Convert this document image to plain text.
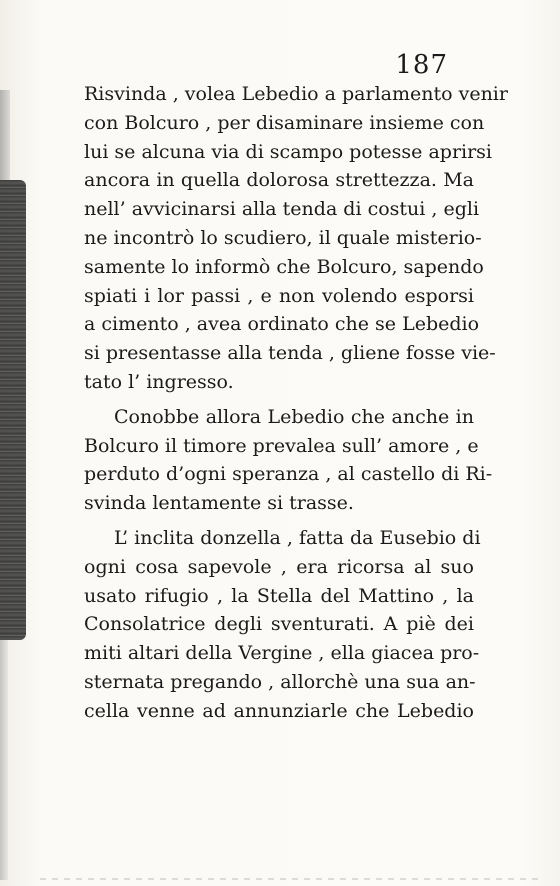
187
Risvinda , volea Lebedio a parlamento venir
con Bolcuro , per disaminare insieme con
lui se alcuna via di scampo potesse aprirsi
ancora in quella dolorosa strettezza. Ma
nell’ avvicinarsi alla tenda di costui , egli
ne incontrò lo scudiero, il quale misterio-
samente lo informò che Bolcuro, sapendo
spiati i lor passi , e non volendo esporsi
a cimento , avea ordinato che se Lebedio
si presentasse alla tenda , gliene fosse vie-
tato l’ ingresso.
Conobbe allora Lebedio che anche in
Bolcuro il timore prevalea sull’ amore , e
perduto d’ogni speranza , al castello di Ri-
svinda lentamente si trasse.
L’ inclita donzella , fatta da Eusebio di
ogni cosa sapevole , era ricorsa al suo
usato rifugio , la Stella del Mattino , la
Consolatrice degli sventurati. A piè dei
miti altari della Vergine , ella giacea pro-
sternata pregando , allorchè una sua an-
cella venne ad annunziarle che Lebedio
